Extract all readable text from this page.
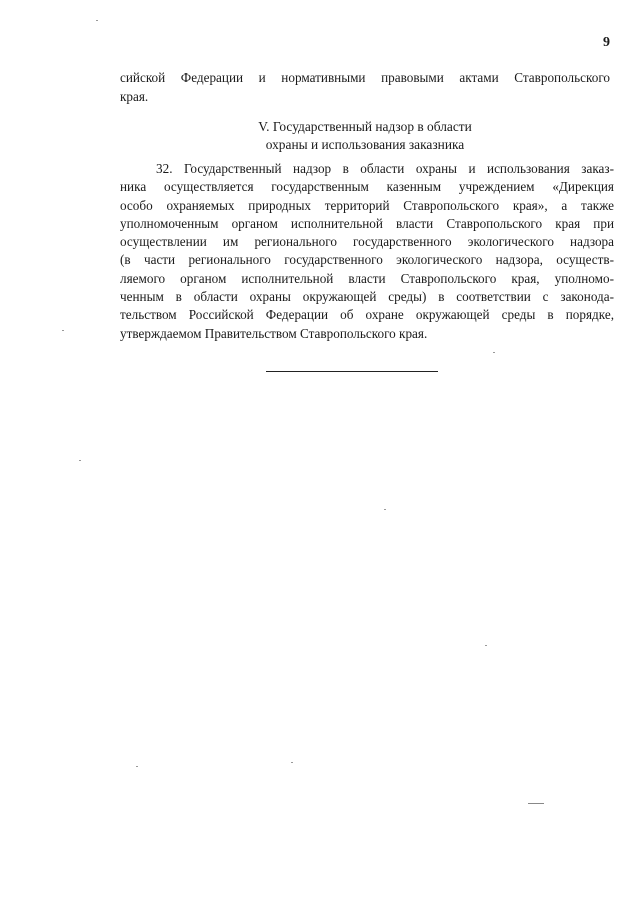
9
сийской Федерации и нормативными правовыми актами Ставропольского
края.
V. Государственный надзор в области
охраны и использования заказника
32. Государственный надзор в области охраны и использования заказ-
ника осуществляется государственным казенным учреждением «Дирекция
особо охраняемых природных территорий Ставропольского края», а также
уполномоченным органом исполнительной власти Ставропольского края при
осуществлении им регионального государственного экологического надзора
(в части регионального государственного экологического надзора, осуществ-
ляемого органом исполнительной власти Ставропольского края, уполномо-
ченным в области охраны окружающей среды) в соответствии с законода-
тельством Российской Федерации об охране окружающей среды в порядке,
утверждаемом Правительством Ставропольского края.
